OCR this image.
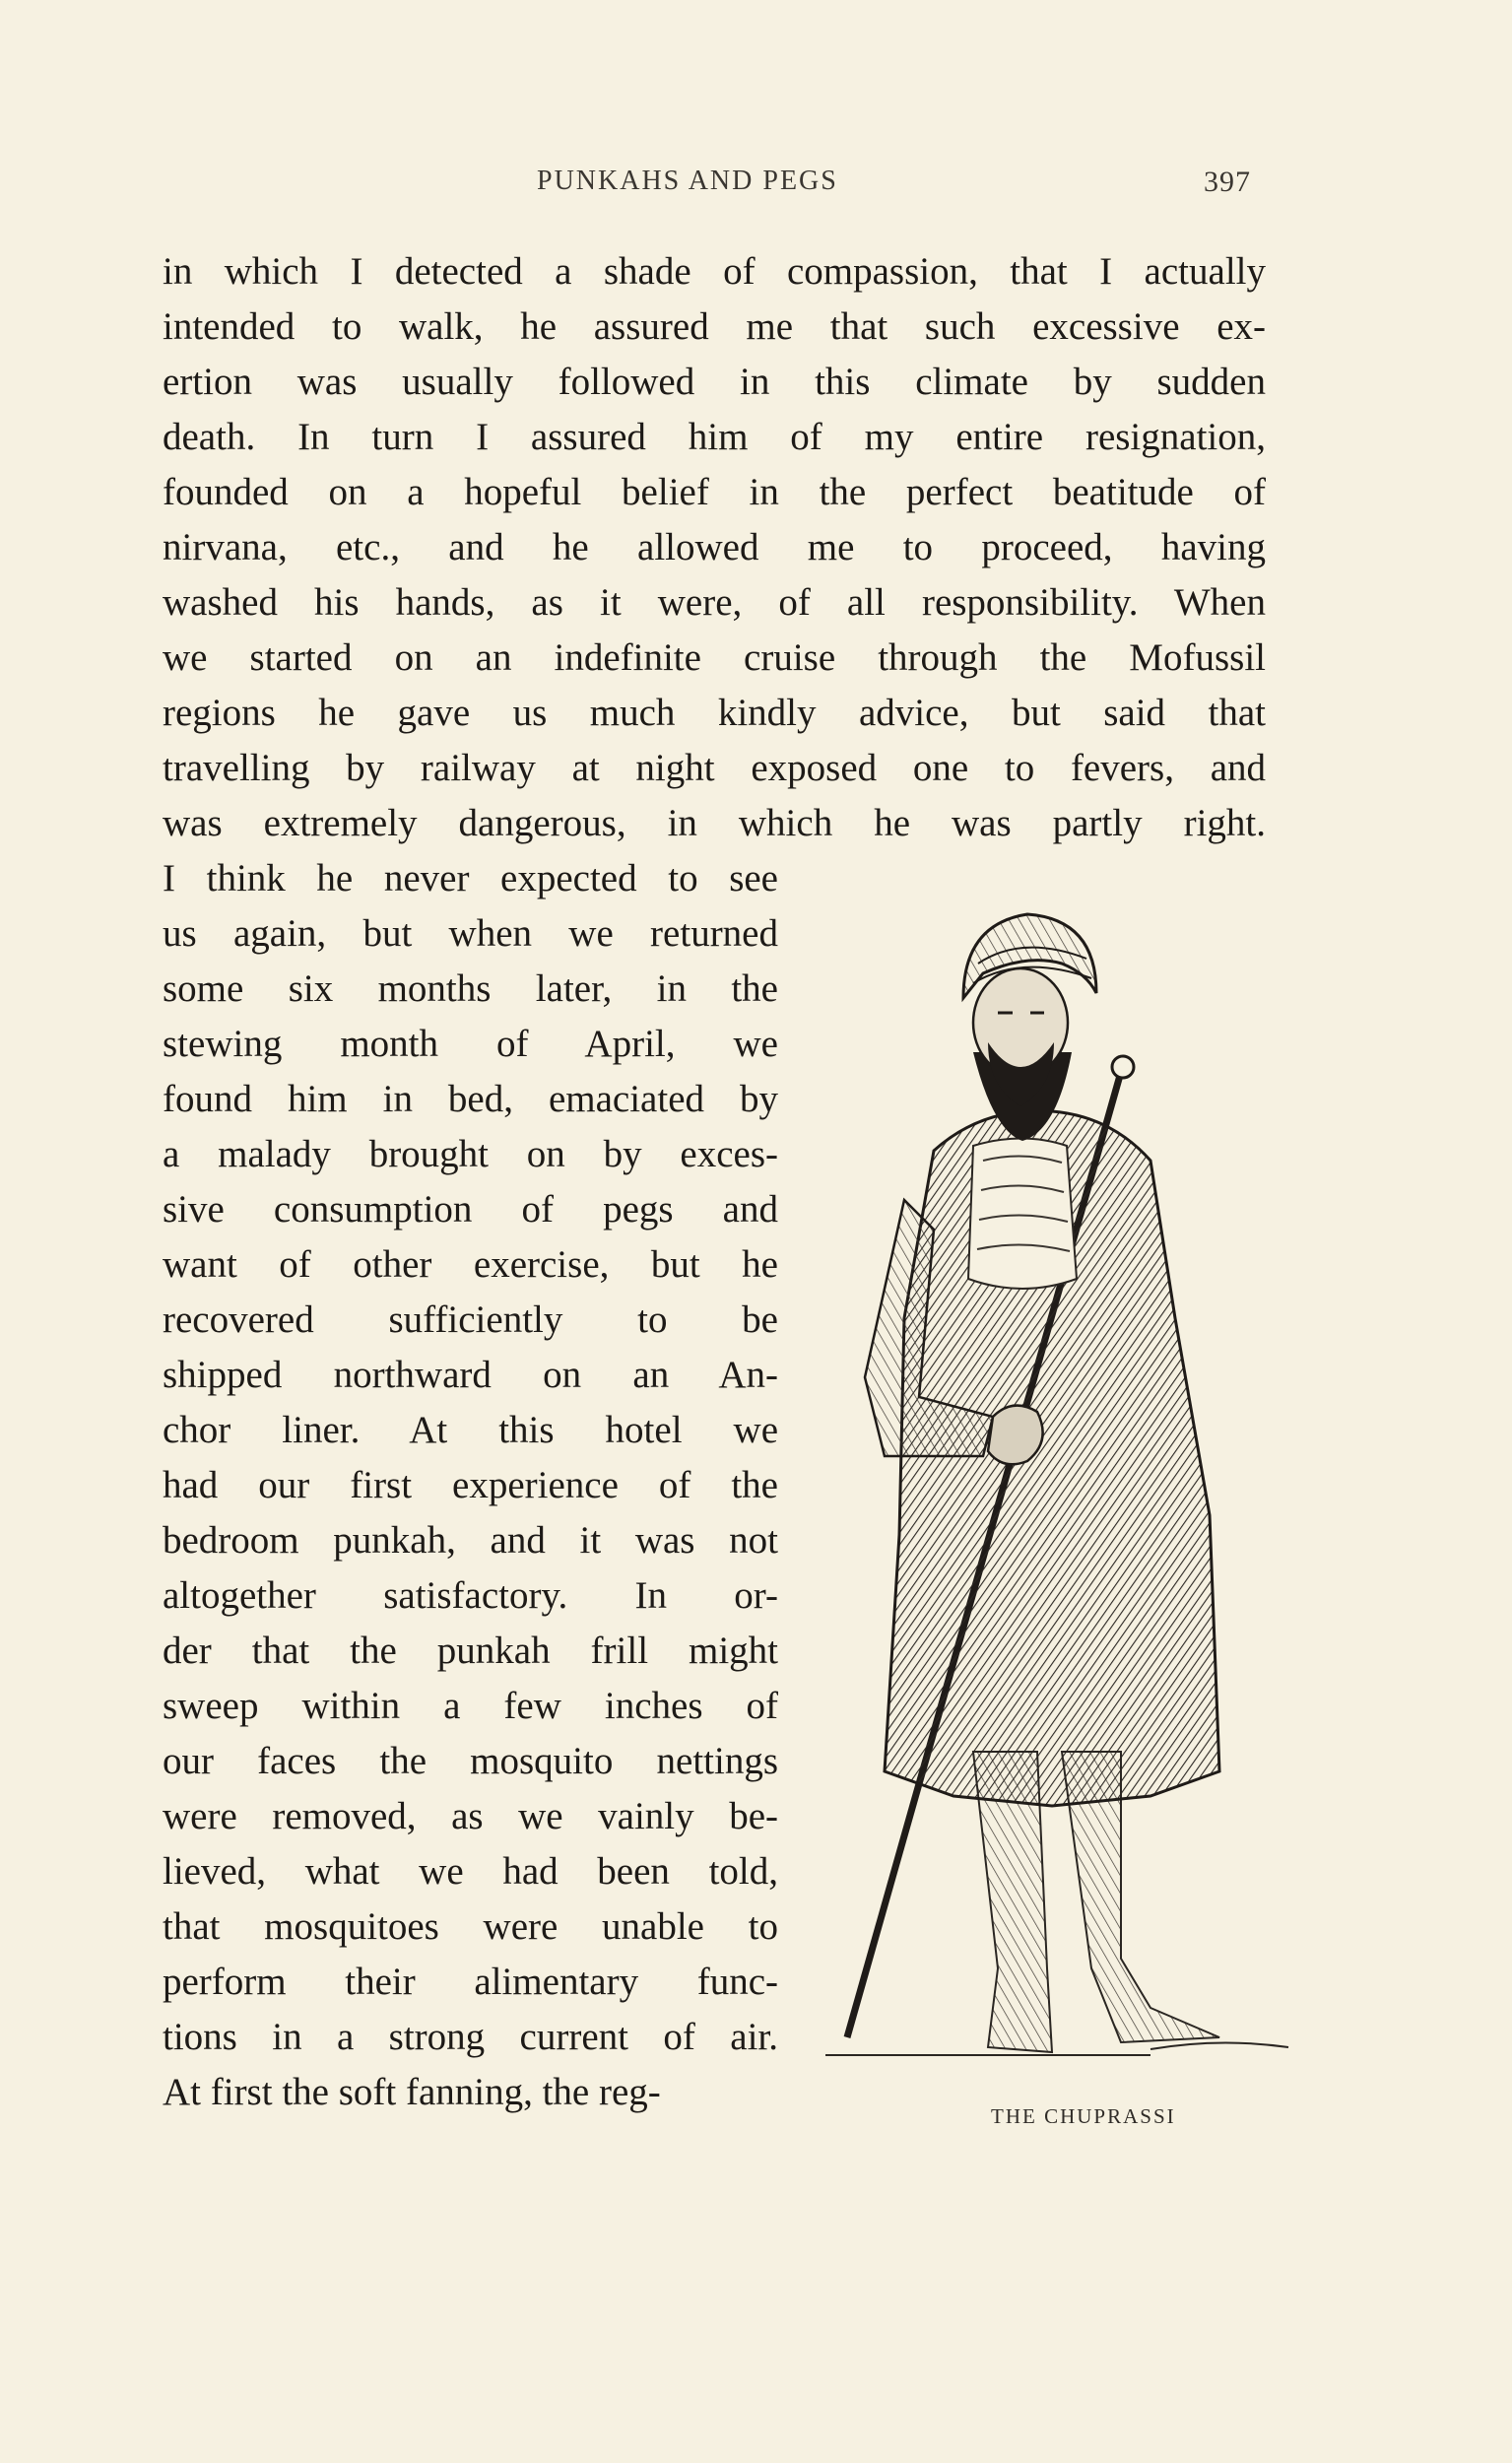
PUNKAHS AND PEGS	397

in which I detected a shade of compassion, that I actually

intended to walk, he assured me that such excessive ex-

ertion was usually followed in this climate by sudden

death. In turn I assured him of my entire resignation,

founded on a hopeful belief in the perfect beatitude of

nirvana, etc., and he allowed me to proceed, having

washed his hands, as it were, of all responsibility. When

we started on an indefinite cruise through the Mofussil

regions he gave us much kindly advice, but said that

travelling by railway at night exposed one to fevers, and

was extremely dangerous, in which he was partly right.

I think he never expected to see

us again, but when we returned

some six months later, in the

stewing month of April, we

found him in bed, emaciated by

a malady brought on by exces-

sive consumption of pegs and

want of other exercise, but he

recovered sufficiently to be

shipped northward on an An-

chor liner. At this hotel we

had our first experience of the

bedroom punkah, and it was not

altogether satisfactory. In or-

der that the punkah frill might

sweep within a few inches of

our faces the mosquito nettings

were removed, as we vainly be-

lieved, what we had been told,

that mosquitoes were unable to

perform their alimentary func-

tions in a strong current of air.

At first the soft fanning, the reg-

THE CHUPRASSI
